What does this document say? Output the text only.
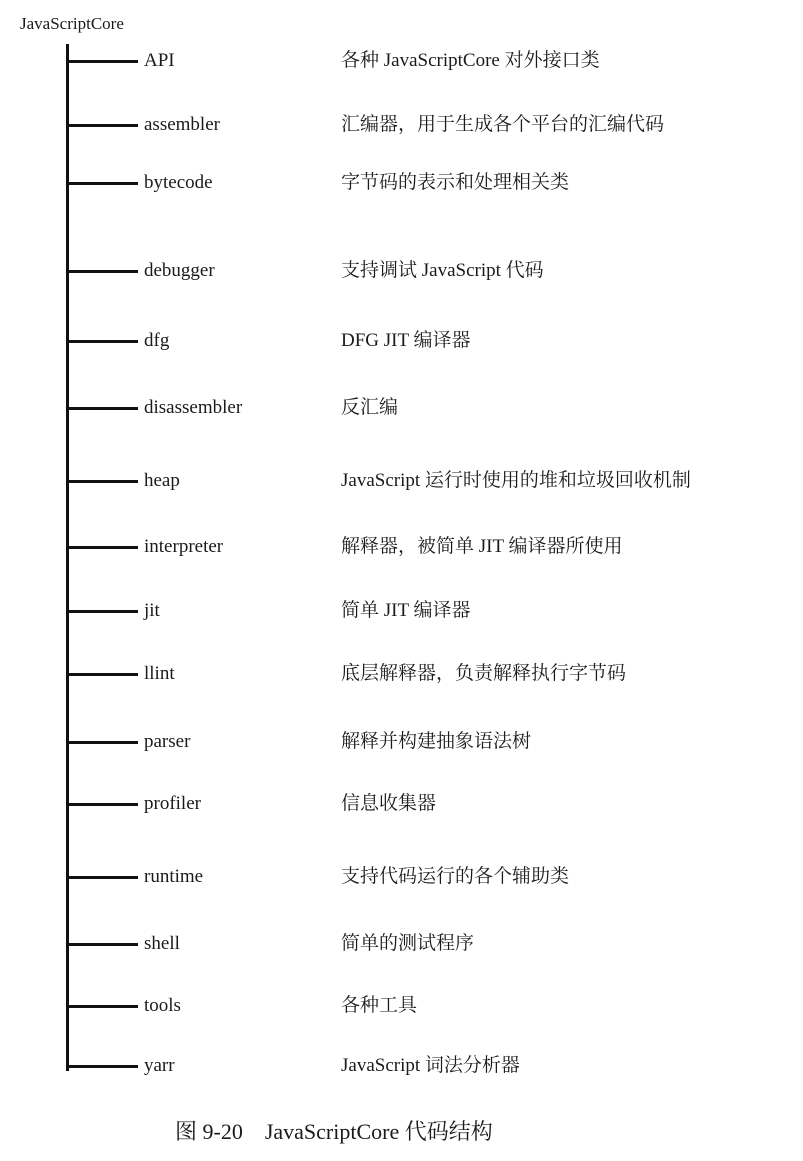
JavaScriptCore
API	各种 JavaScriptCore 对外接口类
assembler	汇编器，用于生成各个平台的汇编代码
bytecode	字节码的表示和处理相关类
debugger	支持调试 JavaScript 代码
dfg	DFG JIT 编译器
disassembler	反汇编
heap	JavaScript 运行时使用的堆和垃圾回收机制
interpreter	解释器，被简单 JIT 编译器所使用
jit	简单 JIT 编译器
llint	底层解释器，负责解释执行字节码
parser	解释并构建抽象语法树
profiler	信息收集器
runtime	支持代码运行的各个辅助类
shell	简单的测试程序
tools	各种工具
yarr	JavaScript 词法分析器
图 9-20 JavaScriptCore 代码结构
